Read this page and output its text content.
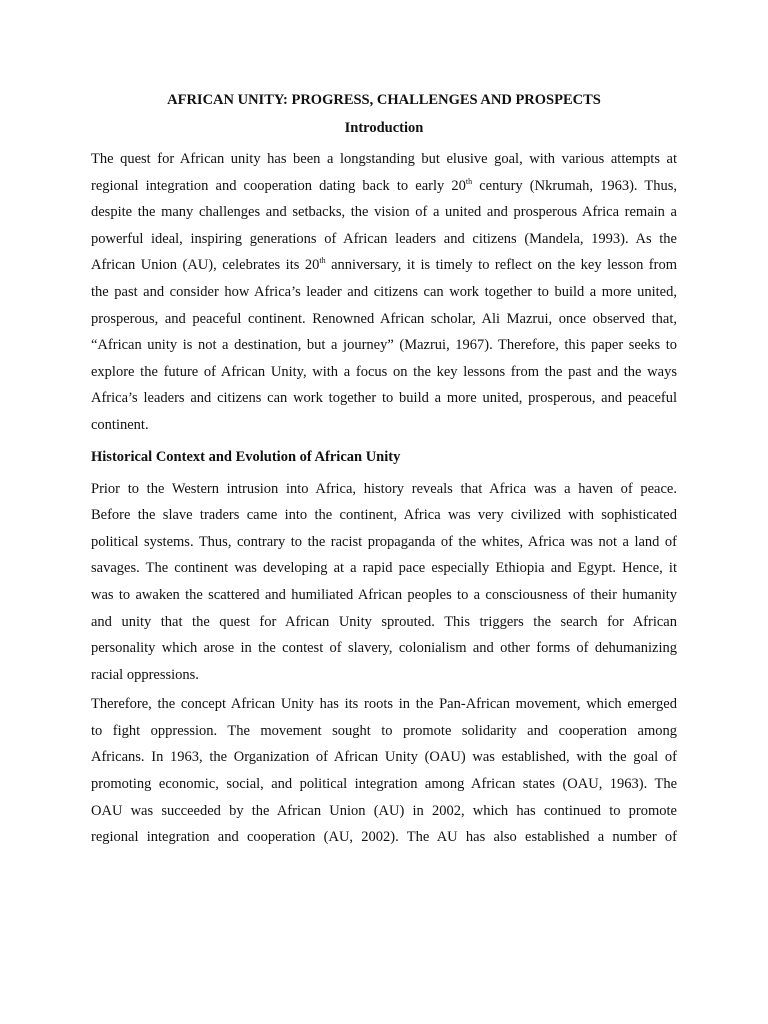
AFRICAN UNITY: PROGRESS, CHALLENGES AND PROSPECTS

Introduction

The quest for African unity has been a longstanding but elusive goal, with various attempts at
regional integration and cooperation dating back to early 20th century (Nkrumah, 1963). Thus,
despite the many challenges and setbacks, the vision of a united and prosperous Africa remain a
powerful ideal, inspiring generations of African leaders and citizens (Mandela, 1993). As the
African Union (AU), celebrates its 20th anniversary, it is timely to reflect on the key lesson from
the past and consider how Africa’s leader and citizens can work together to build a more united,
prosperous, and peaceful continent. Renowned African scholar, Ali Mazrui, once observed that,
“African unity is not a destination, but a journey” (Mazrui, 1967). Therefore, this paper seeks to
explore the future of African Unity, with a focus on the key lessons from the past and the ways
Africa’s leaders and citizens can work together to build a more united, prosperous, and peaceful
continent.

Historical Context and Evolution of African Unity

Prior to the Western intrusion into Africa, history reveals that Africa was a haven of peace.
Before the slave traders came into the continent, Africa was very civilized with sophisticated
political systems. Thus, contrary to the racist propaganda of the whites, Africa was not a land of
savages. The continent was developing at a rapid pace especially Ethiopia and Egypt. Hence, it
was to awaken the scattered and humiliated African peoples to a consciousness of their humanity
and unity that the quest for African Unity sprouted. This triggers the search for African
personality which arose in the contest of slavery, colonialism and other forms of dehumanizing
racial oppressions.
Therefore, the concept African Unity has its roots in the Pan-African movement, which emerged
to fight oppression. The movement sought to promote solidarity and cooperation among
Africans. In 1963, the Organization of African Unity (OAU) was established, with the goal of
promoting economic, social, and political integration among African states (OAU, 1963). The
OAU was succeeded by the African Union (AU) in 2002, which has continued to promote
regional integration and cooperation (AU, 2002). The AU has also established a number of
